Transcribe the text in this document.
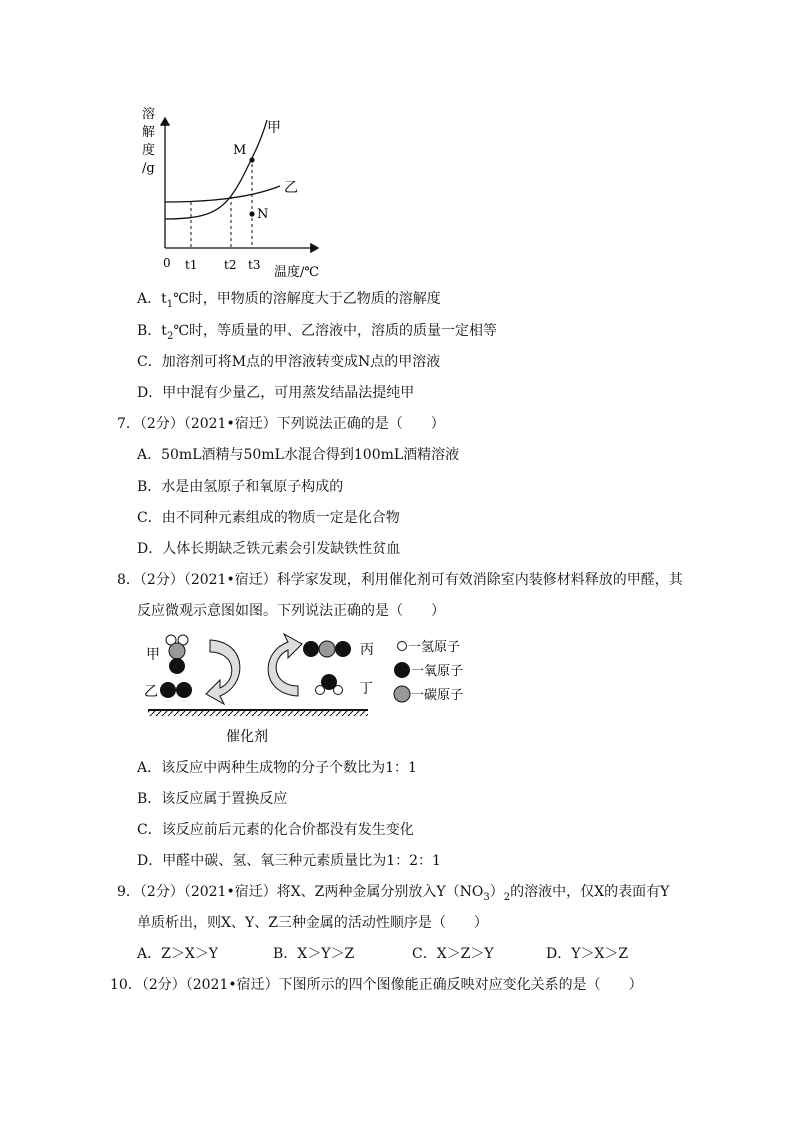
溶
解
度
/g
M
N
甲
乙
0 t1 t2 t3 温度/℃
A．$t_1℃$时，甲物质的溶解度大于乙物质的溶解度
B．$t_2℃$时，等质量的甲、乙溶液中，溶质的质量一定相等
C．加溶剂可将M点的甲溶液转变成N点的甲溶液
D．甲中混有少量乙，可用蒸发结晶法提纯甲
7．（2分）（2021•宿迁）下列说法正确的是（　　）
A．50mL酒精与50mL水混合得到100mL酒精溶液
B．水是由氢原子和氧原子构成的
C．由不同种元素组成的物质一定是化合物
D．人体长期缺乏铁元素会引发缺铁性贫血
8．（2分）（2021•宿迁）科学家发现，利用催化剂可有效消除室内装修材料释放的甲醛，其
反应微观示意图如图。下列说法正确的是（　　）
甲
乙
丙
丁
一氢原子
一氧原子
一碳原子
催化剂
A．该反应中两种生成物的分子个数比为1：1
B．该反应属于置换反应
C．该反应前后元素的化合价都没有发生变化
D．甲醛中碳、氢、氧三种元素质量比为1：2：1
9．（2分）（2021•宿迁）将X、Z两种金属分别放入$Y(NO_3)_2$的溶液中，仅X的表面有Y
单质析出，则X、Y、Z三种金属的活动性顺序是（　　）
A．Z＞X＞Y	B．X＞Y＞Z	C．X＞Z＞Y	D．Y＞X＞Z
10．（2分）（2021•宿迁）下图所示的四个图像能正确反映对应变化关系的是（　　）
